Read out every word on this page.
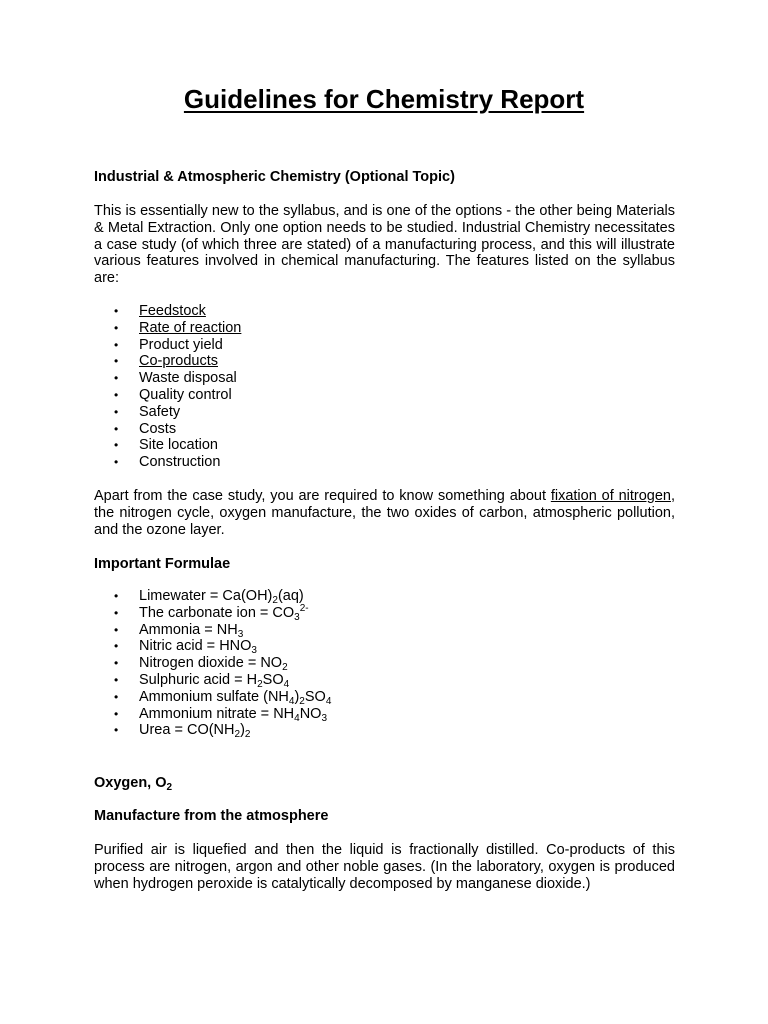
Guidelines for Chemistry Report

Industrial & Atmospheric Chemistry (Optional Topic)

This is essentially new to the syllabus, and is one of the options - the other being Materials & Metal Extraction. Only one option needs to be studied. Industrial Chemistry necessitates a case study (of which three are stated) of a manufacturing process, and this will illustrate various features involved in chemical manufacturing. The features listed on the syllabus are:

• Feedstock
• Rate of reaction
• Product yield
• Co-products
• Waste disposal
• Quality control
• Safety
• Costs
• Site location
• Construction

Apart from the case study, you are required to know something about fixation of nitrogen, the nitrogen cycle, oxygen manufacture, the two oxides of carbon, atmospheric pollution, and the ozone layer.

Important Formulae

• Limewater = $Ca(OH)_2(aq)$
• The carbonate ion = $CO_3^{2-}$
• Ammonia = $NH_3$
• Nitric acid = $HNO_3$
• Nitrogen dioxide = $NO_2$
• Sulphuric acid = $H_2SO_4$
• Ammonium sulfate $(NH_4)_2SO_4$
• Ammonium nitrate = $NH_4NO_3$
• Urea = $CO(NH_2)_2$

Oxygen, $O_2$

Manufacture from the atmosphere

Purified air is liquefied and then the liquid is fractionally distilled. Co-products of this process are nitrogen, argon and other noble gases. (In the laboratory, oxygen is produced when hydrogen peroxide is catalytically decomposed by manganese dioxide.)
